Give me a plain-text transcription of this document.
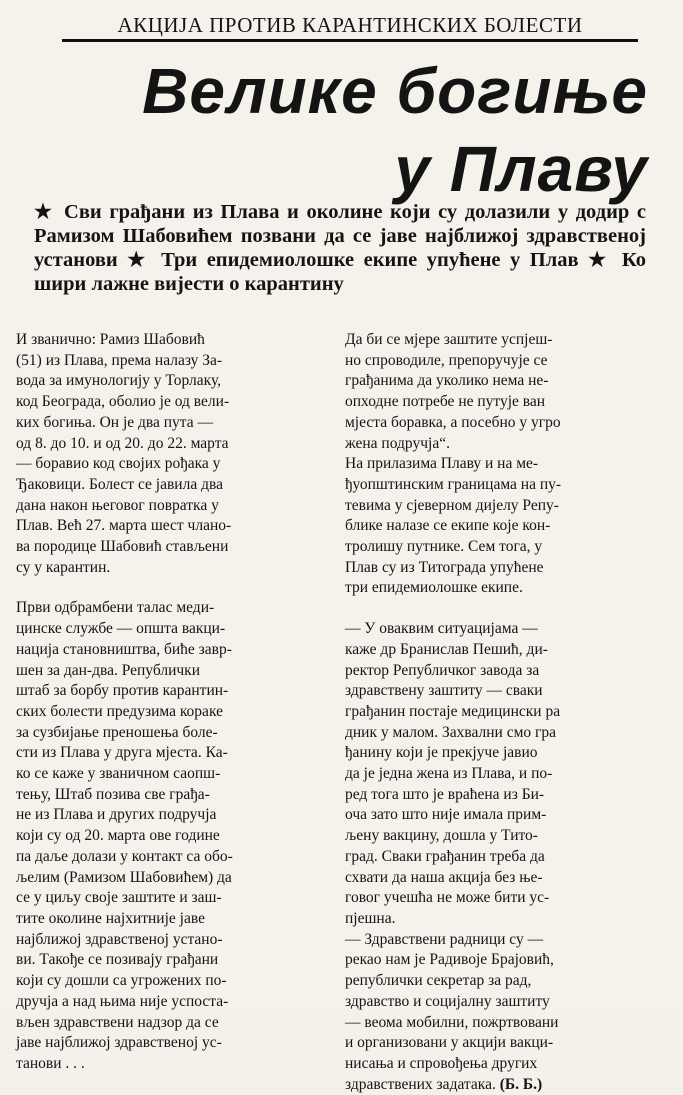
АКЦИЈА ПРОТИВ КАРАНТИНСКИХ БОЛЕСТИ
Велике богиње
у Плаву
★ Сви грађани из Плава и околине који су долазили у додир с Рамизом Шабовићем позвани да се јаве најближој здравственој установи ★ Три епидемиолошке екипе упућене у Плав ★ Ко шири лажне вијести о карантину
И званично: Рамиз Шабовић
(51) из Плава, према налазу За-
вода за имунологију у Торлаку,
код Београда, оболио је од вели-
ких богиња. Он је два пута —
од 8. до 10. и од 20. до 22. марта
— боравио код својих рођака у
Ђаковици. Болест се јавила два
дана након његовог повратка у
Плав. Већ 27. марта шест члано-
ва породице Шабовић стављени
су у карантин.
Први одбрамбени талас меди-
цинске службе — општа вакци-
нација становништва, биће завр-
шен за дан-два. Републички
штаб за борбу против карантин-
ских болести предузима кораке
за сузбијање преношења боле-
сти из Плава у друга мјеста. Ка-
ко се каже у званичном саопш-
тењу, Штаб позива све грађа-
не из Плава и других подручја
који су од 20. марта ове године
па даље долази у контакт са обо-
љелим (Рамизом Шабовићем) да
се у циљу своје заштите и заш-
тите околине најхитније јаве
најближој здравственој устано-
ви. Такође се позивају грађани
који су дошли са угрожених по-
дручја а над њима није успоста-
вљен здравствени надзор да се
јаве најближој здравственој ус-
танови . . .
Да би се мјере заштите успјеш-
но спроводиле, препоручује се
грађанима да уколико нема не-
опходне потребе не путује ван
мјеста боравка, а посебно у угро
жена подручја“.
На прилазима Плаву и на ме-
ђуопштинским границама на пу-
тевима у сјеверном дијелу Репу-
блике налазе се екипе које кон-
тролишу путнике. Сем тога, у
Плав су из Титограда упућене
три епидемиолошке екипе.
— У оваквим ситуацијама —
каже др Бранислав Пешић, ди-
ректор Републичког завода за
здравствену заштиту — сваки
грађанин постаје медицински ра
дник у малом. Захвални смо гра
ђанину који је прекјуче јавио
да је једна жена из Плава, и по-
ред тога што је враћена из Би-
оча зато што није имала прим-
љену вакцину, дошла у Тито-
град. Сваки грађанин треба да
схвати да наша акција без ње-
говог учешћа не може бити ус-
пјешна.
— Здравствени радници су —
рекао нам је Радивоје Брајовић,
републички секретар за рад,
здравство и социјалну заштиту
— веома мобилни, пожртвовани
и организовани у акцији вакци-
нисања и спровођења других
здравствених задатака. (Б. Б.)
